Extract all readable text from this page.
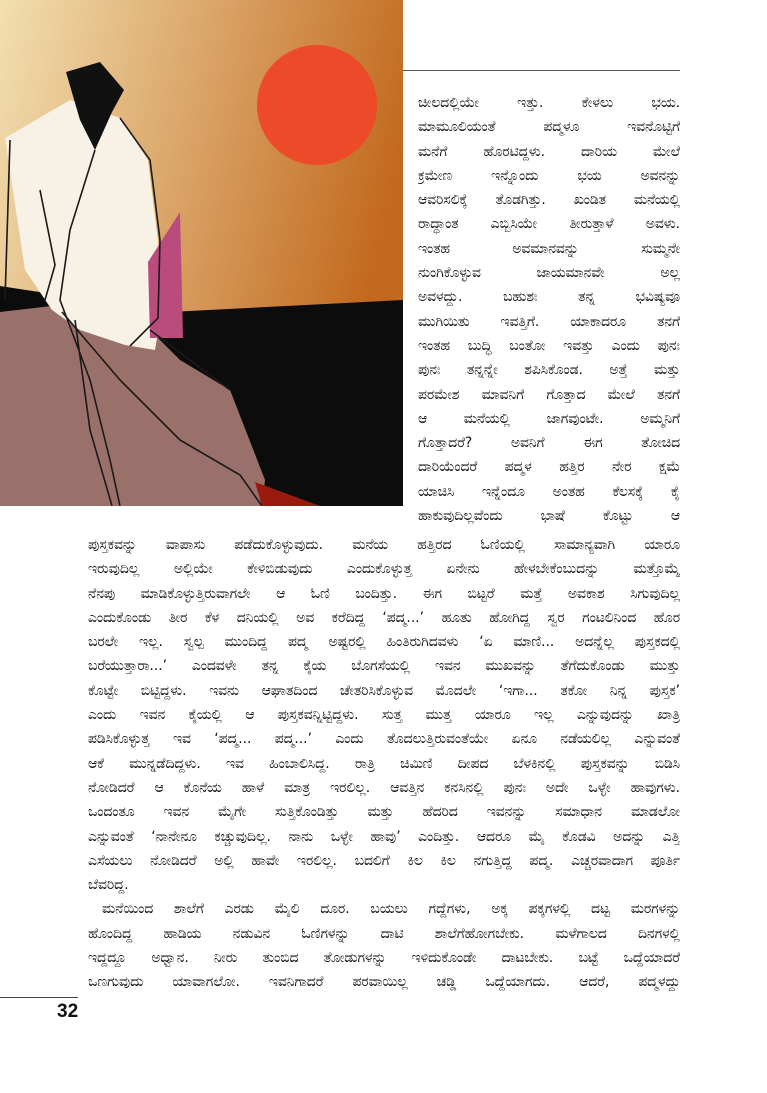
ಚೀಲದಲ್ಲಿಯೇ ಇತ್ತು. ಕೇಳಲು ಭಯ.
ಮಾಮೂಲಿಯಂತೆ ಪದ್ಮಳೂ ಇವನೊಟ್ಟಿಗೆ
ಮನೆಗೆ ಹೊರಟಿದ್ದಳು. ದಾರಿಯ ಮೇಲೆ
ಕ್ರಮೇಣ ಇನ್ನೊಂದು ಭಯ ಅವನನ್ನು
ಆವರಿಸಲಿಕ್ಕೆ ತೊಡಗಿತ್ತು. ಖಂಡಿತ ಮನೆಯಲ್ಲಿ
ರಾದ್ಧಾಂತ ಎಬ್ಬಿಸಿಯೇ ತೀರುತ್ತಾಳೆ ಅವಳು.
ಇಂತಹ ಅವಮಾನವನ್ನು ಸುಮ್ಮನೇ
ನುಂಗಿಕೊಳ್ಳುವ ಜಾಯಮಾನವೇ ಅಲ್ಲ
ಅವಳದ್ದು. ಬಹುಶಃ ತನ್ನ ಭವಿಷ್ಯವೂ
ಮುಗಿಯಿತು ಇವತ್ತಿಗೆ. ಯಾಕಾದರೂ ತನಗೆ
ಇಂತಹ ಬುದ್ಧಿ ಬಂತೋ ಇವತ್ತು ಎಂದು ಪುನಃ
ಪುನಃ ತನ್ನನ್ನೇ ಶಪಿಸಿಕೊಂಡ. ಅತ್ತೆ ಮತ್ತು
ಪರಮೇಶ ಮಾವನಿಗೆ ಗೊತ್ತಾದ ಮೇಲೆ ತನಗೆ
ಆ ಮನೆಯಲ್ಲಿ ಜಾಗವುಂಟೇ. ಅಮ್ಮನಿಗೆ
ಗೊತ್ತಾದರೆ? ಅವನಿಗೆ ಈಗ ತೋಚಿದ
ದಾರಿಯೆಂದರೆ ಪದ್ಮಳ ಹತ್ತಿರ ನೇರ ಕ್ಷಮೆ
ಯಾಚಿಸಿ ಇನ್ನೆಂದೂ ಅಂತಹ ಕೆಲಸಕ್ಕೆ ಕೈ
ಹಾಕುವುದಿಲ್ಲವೆಂದು ಭಾಷೆ ಕೊಟ್ಟು ಆ
ಪುಸ್ತಕವನ್ನು ವಾಪಾಸು ಪಡೆದುಕೊಳ್ಳುವುದು. ಮನೆಯ ಹತ್ತಿರದ ಓಣಿಯಲ್ಲಿ ಸಾಮಾನ್ಯವಾಗಿ ಯಾರೂ
ಇರುವುದಿಲ್ಲ ಅಲ್ಲಿಯೇ ಕೇಳಿಬಿಡುವುದು ಎಂದುಕೊಳ್ಳುತ್ತ ಏನೇನು ಹೇಳಬೇಕೆಂಬುದನ್ನು ಮತ್ತೊಮ್ಮೆ
ನೆನಪು ಮಾಡಿಕೊಳ್ಳುತ್ತಿರುವಾಗಲೇ ಆ ಓಣಿ ಬಂದಿತ್ತು. ಈಗ ಬಿಟ್ಟರೆ ಮತ್ತೆ ಅವಕಾಶ ಸಿಗುವುದಿಲ್ಲ
ಎಂದುಕೊಂಡು ತೀರ ಕೆಳ ದನಿಯಲ್ಲಿ ಅವ ಕರೆದಿದ್ದ ‘ಪದ್ಮ...’ ಹೂತು ಹೋಗಿದ್ದ ಸ್ವರ ಗಂಟಲಿನಿಂದ ಹೊರ
ಬರಲೇ ಇಲ್ಲ. ಸ್ವಲ್ಪ ಮುಂದಿದ್ದ ಪದ್ಮ ಅಷ್ಟರಲ್ಲಿ ಹಿಂತಿರುಗಿದವಳು ‘ಏ ಮಾಣಿ... ಅದನ್ನೆಲ್ಲ ಪುಸ್ತಕದಲ್ಲಿ
ಬರೆಯುತ್ತಾರಾ...’ ಎಂದವಳೇ ತನ್ನ ಕೈಯ ಬೊಗಸೆಯಲ್ಲಿ ಇವನ ಮುಖವನ್ನು ತೆಗೆದುಕೊಂಡು ಮುತ್ತು
ಕೊಟ್ಟೇ ಬಿಟ್ಟಿದ್ದಳು. ಇವನು ಆಘಾತದಿಂದ ಚೇತರಿಸಿಕೊಳ್ಳುವ ಮೊದಲೇ ‘ಇಗಾ... ತಕೋ ನಿನ್ನ ಪುಸ್ತಕ’
ಎಂದು ಇವನ ಕೈಯಲ್ಲಿ ಆ ಪುಸ್ತಕವನ್ನಿಟ್ಟಿದ್ದಳು. ಸುತ್ತ ಮುತ್ತ ಯಾರೂ ಇಲ್ಲ ಎನ್ನುವುದನ್ನು ಖಾತ್ರಿ
ಪಡಿಸಿಕೊಳ್ಳುತ್ತ ಇವ ‘ಪದ್ಮ... ಪದ್ಮ...’ ಎಂದು ತೊದಲುತ್ತಿರುವಂತೆಯೇ ಏನೂ ನಡೆಯಲಿಲ್ಲ ಎನ್ನುವಂತೆ
ಆಕೆ ಮುನ್ನಡೆದಿದ್ದಳು. ಇವ ಹಿಂಬಾಲಿಸಿದ್ದ. ರಾತ್ರಿ ಚಿಮಿಣಿ ದೀಪದ ಬೆಳಕಿನಲ್ಲಿ ಪುಸ್ತಕವನ್ನು ಬಿಡಿಸಿ
ನೋಡಿದರೆ ಆ ಕೊನೆಯ ಹಾಳೆ ಮಾತ್ರ ಇರಲಿಲ್ಲ. ಆವತ್ತಿನ ಕನಸಿನಲ್ಲಿ ಪುನಃ ಅದೇ ಒಳ್ಳೇ ಹಾವುಗಳು.
ಒಂದಂತೂ ಇವನ ಮೈಗೇ ಸುತ್ತಿಕೊಂಡಿತ್ತು ಮತ್ತು ಹೆದರಿದ ಇವನನ್ನು ಸಮಾಧಾನ ಮಾಡಲೋ
ಎನ್ನುವಂತೆ ‘ನಾನೇನೂ ಕಚ್ಚುವುದಿಲ್ಲ. ನಾನು ಒಳ್ಳೇ ಹಾವು’ ಎಂದಿತ್ತು. ಆದರೂ ಮೈ ಕೊಡವಿ ಅದನ್ನು ಎತ್ತಿ
ಎಸೆಯಲು ನೋಡಿದರೆ ಅಲ್ಲಿ ಹಾವೇ ಇರಲಿಲ್ಲ. ಬದಲಿಗೆ ಕಿಲ ಕಿಲ ನಗುತ್ತಿದ್ದ ಪದ್ಮ. ಎಚ್ಚರವಾದಾಗ ಪೂರ್ತಿ
ಬೆವರಿದ್ದ.
ಮನೆಯಿಂದ ಶಾಲೆಗೆ ಎರಡು ಮೈಲಿ ದೂರ. ಬಯಲು ಗದ್ದೆಗಳು, ಅಕ್ಕ ಪಕ್ಕಗಳಲ್ಲಿ ದಟ್ಟ ಮರಗಳನ್ನು
ಹೊಂದಿದ್ದ ಹಾಡಿಯ ನಡುವಿನ ಓಣಿಗಳನ್ನು ದಾಟಿ ಶಾಲೆಗೆಹೋಗಬೇಕು. ಮಳೆಗಾಲದ ದಿನಗಳಲ್ಲಿ
ಇದ್ದದ್ದೂ ಅಧ್ವಾನ. ನೀರು ತುಂಬಿದ ತೋಡುಗಳನ್ನು ಇಳಿದುಕೊಂಡೇ ದಾಟಬೇಕು. ಬಟ್ಟೆ ಒದ್ದೆಯಾದರೆ
ಒಣಗುವುದು ಯಾವಾಗಲೋ. ಇವನಿಗಾದರೆ ಪರವಾಯಿಲ್ಲ ಚಡ್ಡಿ ಒದ್ದೆಯಾಗದು. ಆದರೆ, ಪದ್ಮಳದ್ದು
32
